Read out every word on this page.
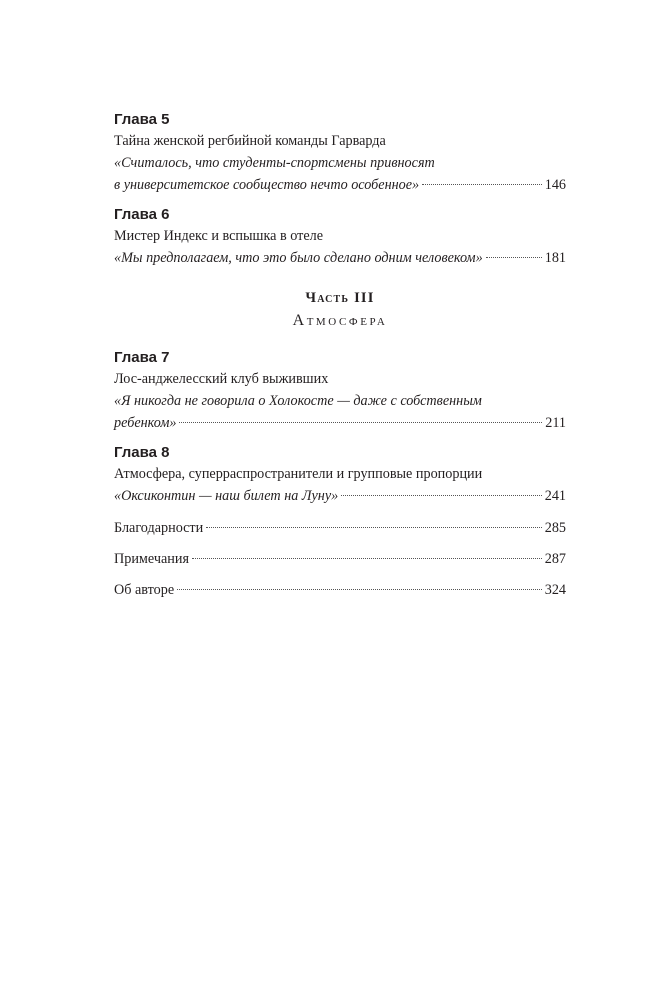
Глава 5

Тайна женской регбийной команды Гарварда

«Считалось, что студенты-спортсмены привносят
в университетское сообщество нечто особенное»	146

Глава 6

Мистер Индекс и вспышка в отеле

«Мы предполагаем, что это было сделано одним человеком»	181

Часть III

Атмосфера

Глава 7

Лос-анджелесский клуб выживших

«Я никогда не говорила о Холокосте — даже с собственным
ребенком»	211

Глава 8

Атмосфера, суперраспространители и групповые пропорции

«Оксиконтин — наш билет на Луну»	241
Благодарности	285
Примечания	287
Об авторе	324
